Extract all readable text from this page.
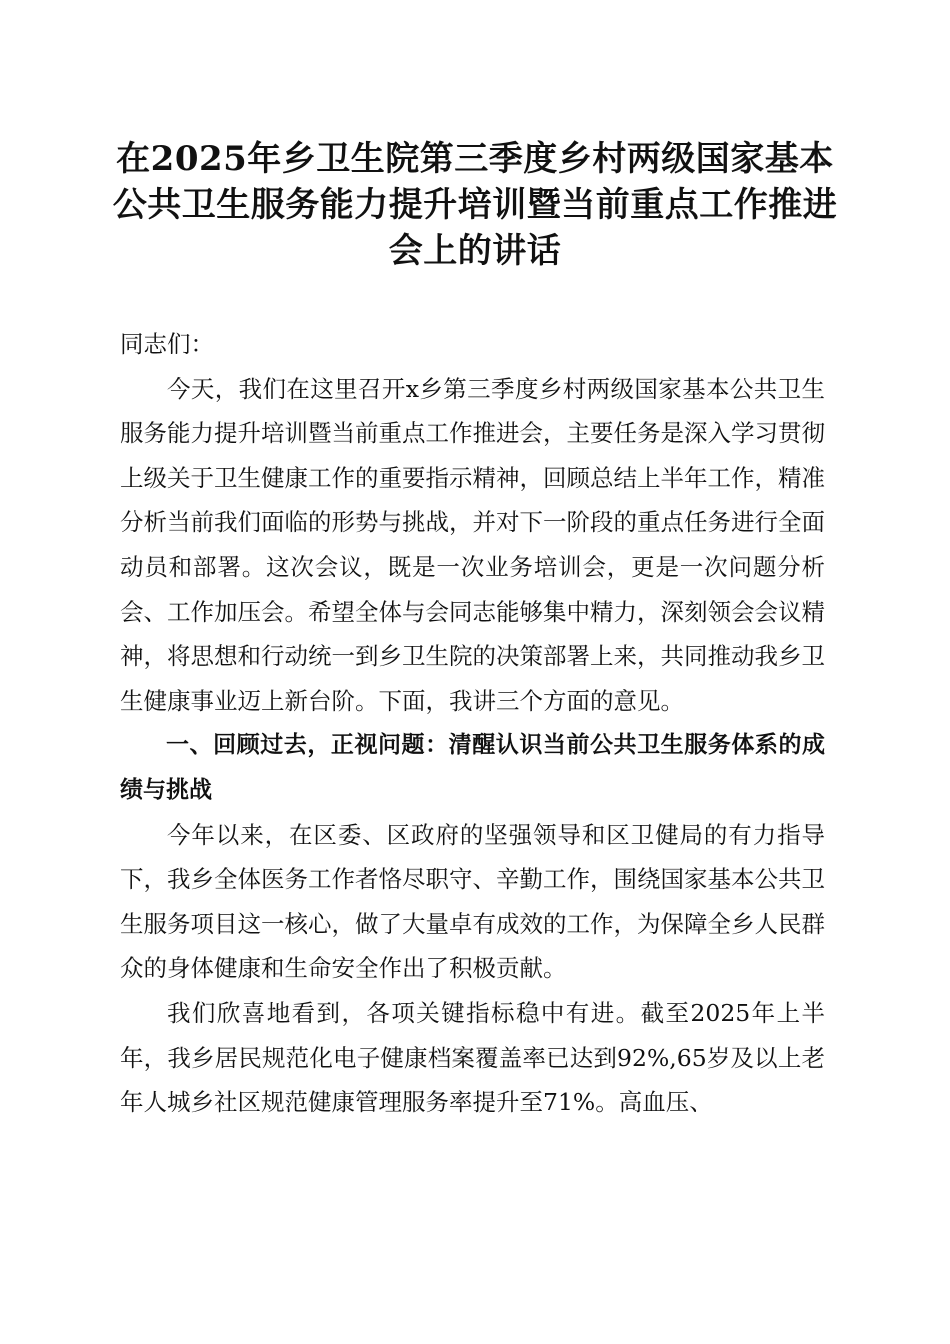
在2025年乡卫生院第三季度乡村两级国家基本公共卫生服务能力提升培训暨当前重点工作推进会上的讲话

同志们：

今天，我们在这里召开x乡第三季度乡村两级国家基本公共卫生服务能力提升培训暨当前重点工作推进会，主要任务是深入学习贯彻上级关于卫生健康工作的重要指示精神，回顾总结上半年工作，精准分析当前我们面临的形势与挑战，并对下一阶段的重点任务进行全面动员和部署。这次会议，既是一次业务培训会，更是一次问题分析会、工作加压会。希望全体与会同志能够集中精力，深刻领会会议精神，将思想和行动统一到乡卫生院的决策部署上来，共同推动我乡卫生健康事业迈上新台阶。下面，我讲三个方面的意见。

一、回顾过去，正视问题：清醒认识当前公共卫生服务体系的成绩与挑战

今年以来，在区委、区政府的坚强领导和区卫健局的有力指导下，我乡全体医务工作者恪尽职守、辛勤工作，围绕国家基本公共卫生服务项目这一核心，做了大量卓有成效的工作，为保障全乡人民群众的身体健康和生命安全作出了积极贡献。

我们欣喜地看到，各项关键指标稳中有进。截至2025年上半年，我乡居民规范化电子健康档案覆盖率已达到92%,65岁及以上老年人城乡社区规范健康管理服务率提升至71%。高血压、
